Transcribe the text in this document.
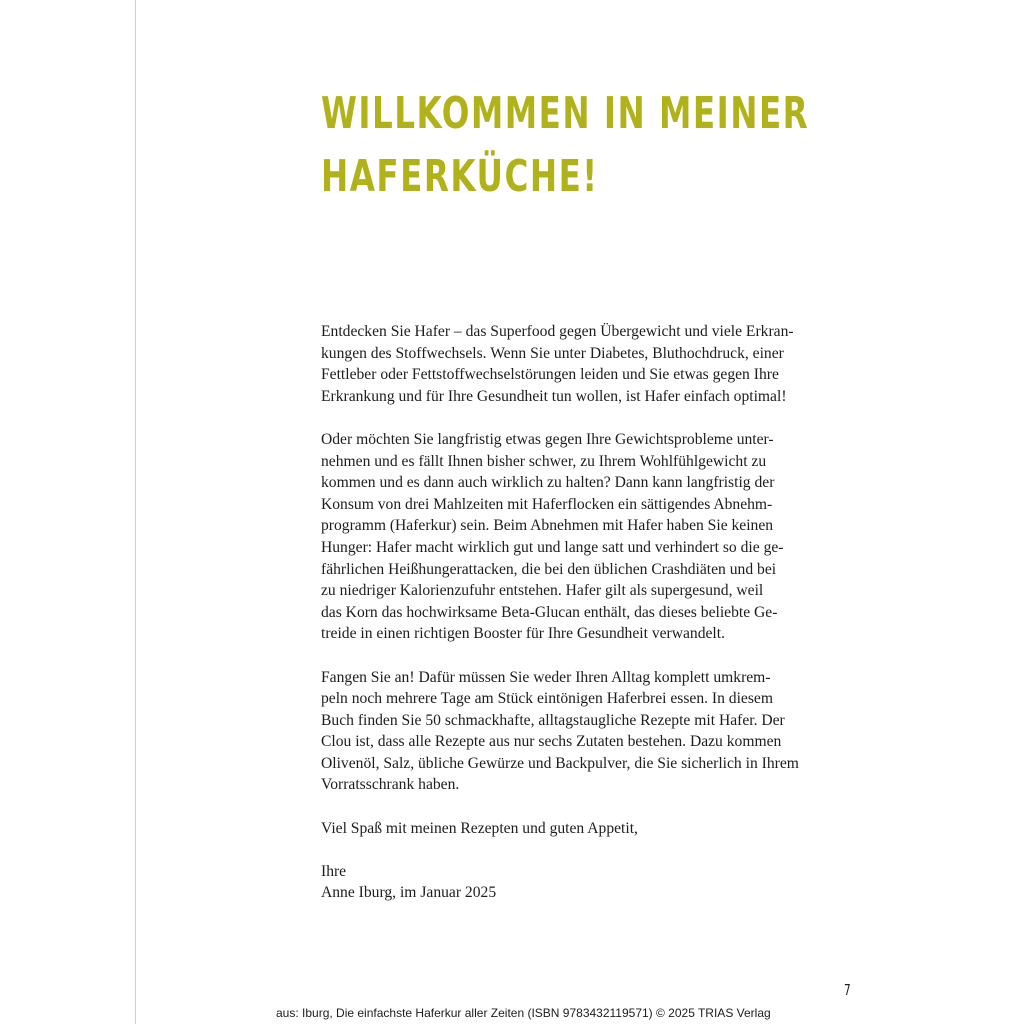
WILLKOMMEN IN MEINER
HAFERKÜCHE!

Entdecken Sie Hafer – das Superfood gegen Übergewicht und viele Erkran-
kungen des Stoffwechsels. Wenn Sie unter Diabetes, Bluthochdruck, einer
Fettleber oder Fettstoffwechselstörungen leiden und Sie etwas gegen Ihre
Erkrankung und für Ihre Gesundheit tun wollen, ist Hafer einfach optimal!

Oder möchten Sie langfristig etwas gegen Ihre Gewichtsprobleme unter-
nehmen und es fällt Ihnen bisher schwer, zu Ihrem Wohlfühlgewicht zu
kommen und es dann auch wirklich zu halten? Dann kann langfristig der
Konsum von drei Mahlzeiten mit Haferflocken ein sättigendes Abnehm-
programm (Haferkur) sein. Beim Abnehmen mit Hafer haben Sie keinen
Hunger: Hafer macht wirklich gut und lange satt und verhindert so die ge-
fährlichen Heißhungerattacken, die bei den üblichen Crashdiäten und bei
zu niedriger Kalorienzufuhr entstehen. Hafer gilt als supergesund, weil
das Korn das hochwirksame Beta-Glucan enthält, das dieses beliebte Ge-
treide in einen richtigen Booster für Ihre Gesundheit verwandelt.

Fangen Sie an! Dafür müssen Sie weder Ihren Alltag komplett umkrem-
peln noch mehrere Tage am Stück eintönigen Haferbrei essen. In diesem
Buch finden Sie 50 schmackhafte, alltagstaugliche Rezepte mit Hafer. Der
Clou ist, dass alle Rezepte aus nur sechs Zutaten bestehen. Dazu kommen
Olivenöl, Salz, übliche Gewürze und Backpulver, die Sie sicherlich in Ihrem
Vorratsschrank haben.

Viel Spaß mit meinen Rezepten und guten Appetit,

Ihre
Anne Iburg, im Januar 2025

7
aus: Iburg, Die einfachste Haferkur aller Zeiten (ISBN 9783432119571) © 2025 TRIAS Verlag
